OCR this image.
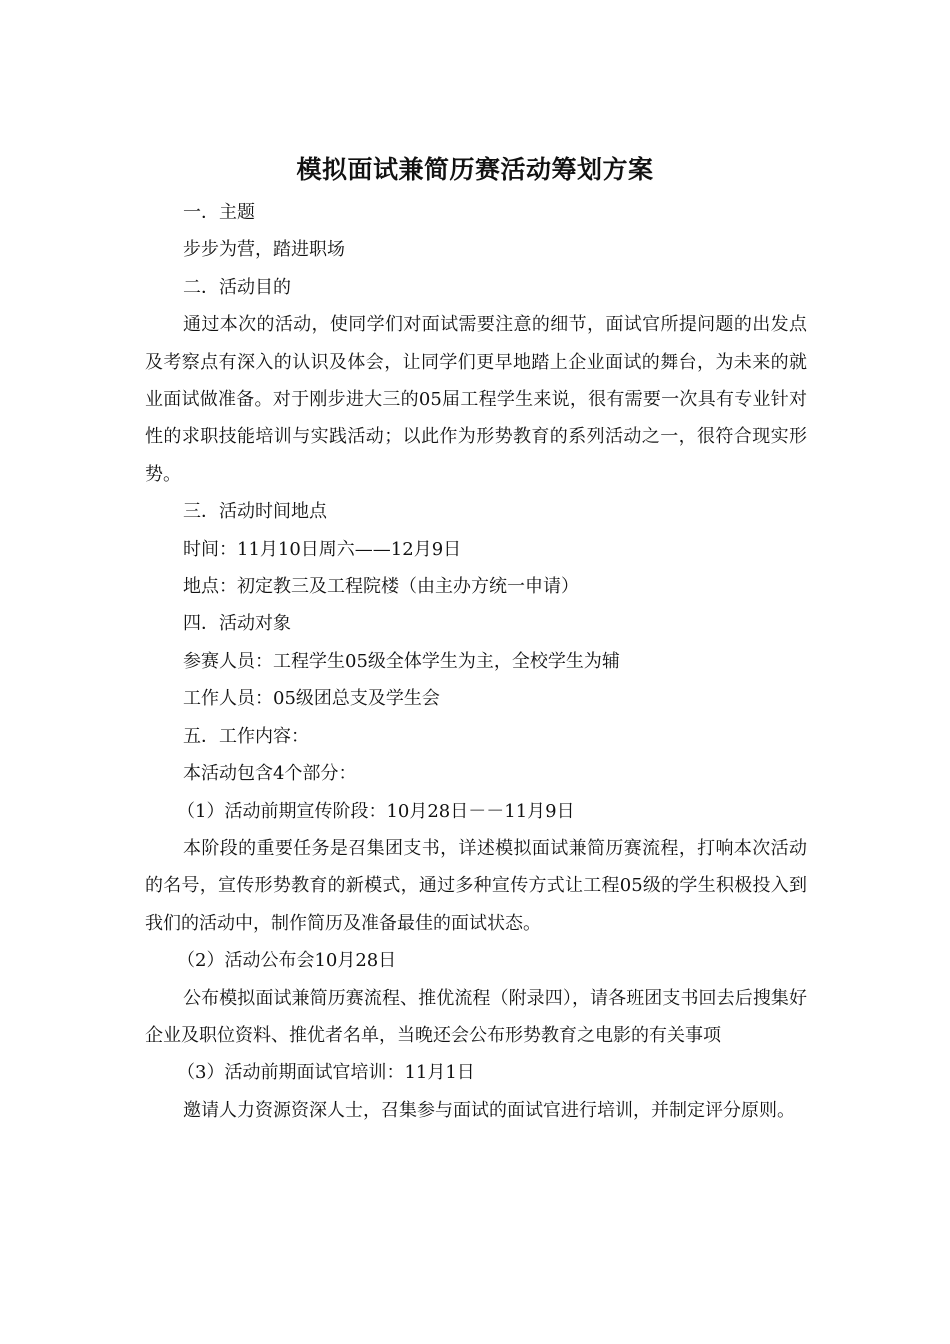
模拟面试兼简历赛活动筹划方案

一．主题

步步为营，踏进职场

二．活动目的

通过本次的活动，使同学们对面试需要注意的细节，面试官所提问题的出发点及考察点有深入的认识及体会，让同学们更早地踏上企业面试的舞台，为未来的就业面试做准备。对于刚步进大三的05届工程学生来说，很有需要一次具有专业针对性的求职技能培训与实践活动；以此作为形势教育的系列活动之一，很符合现实形势。

三．活动时间地点

时间：11月10日周六——12月9日

地点：初定教三及工程院楼（由主办方统一申请）

四．活动对象

参赛人员：工程学生05级全体学生为主，全校学生为辅

工作人员：05级团总支及学生会

五．工作内容：

本活动包含4个部分：

（1）活动前期宣传阶段：10月28日－－11月9日

本阶段的重要任务是召集团支书，详述模拟面试兼简历赛流程，打响本次活动的名号，宣传形势教育的新模式，通过多种宣传方式让工程05级的学生积极投入到我们的活动中，制作简历及准备最佳的面试状态。

（2）活动公布会10月28日

公布模拟面试兼简历赛流程、推优流程（附录四），请各班团支书回去后搜集好企业及职位资料、推优者名单，当晚还会公布形势教育之电影的有关事项

（3）活动前期面试官培训：11月1日

邀请人力资源资深人士，召集参与面试的面试官进行培训，并制定评分原则。
